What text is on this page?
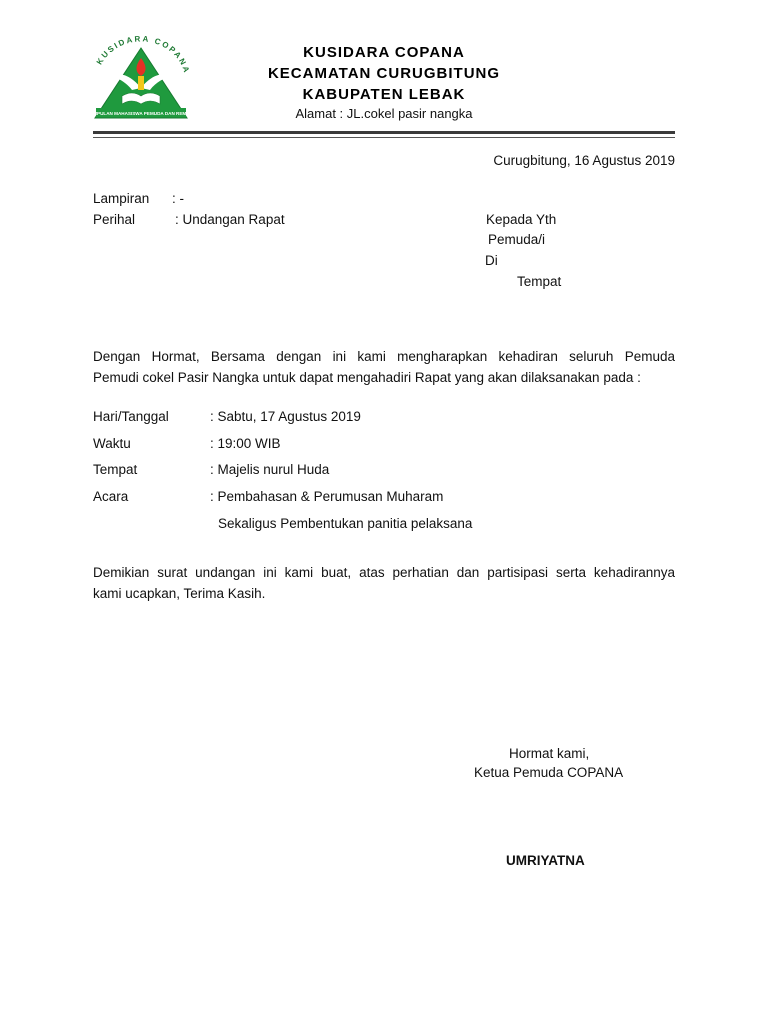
KUSIDARA COPAN
MPULAN MAHASISWA PEMUDA DAN REMA
KUSIDARA COPANA
KECAMATAN CURUGBITUNG
KABUPATEN LEBAK
Alamat : JL.cokel pasir nangka
Curugbitung, 16 Agustus 2019
Lampiran : -
Perihal	: Undangan Rapat	Kepada Yth
Pemuda/i
Di
Tempat
Dengan Hormat, Bersama dengan ini kami mengharapkan kehadiran seluruh Pemuda
Pemudi cokel Pasir Nangka untuk dapat mengahadiri Rapat yang akan dilaksanakan pada :
Hari/Tanggal	: Sabtu, 17 Agustus 2019
Waktu	: 19:00 WIB
Tempat	: Majelis nurul Huda
Acara	: Pembahasan & Perumusan Muharam
Sekaligus Pembentukan panitia pelaksana
Demikian surat undangan ini kami buat, atas perhatian dan partisipasi serta kehadirannya
kami ucapkan, Terima Kasih.
Hormat kami,
Ketua Pemuda COPANA
UMRIYATNA
